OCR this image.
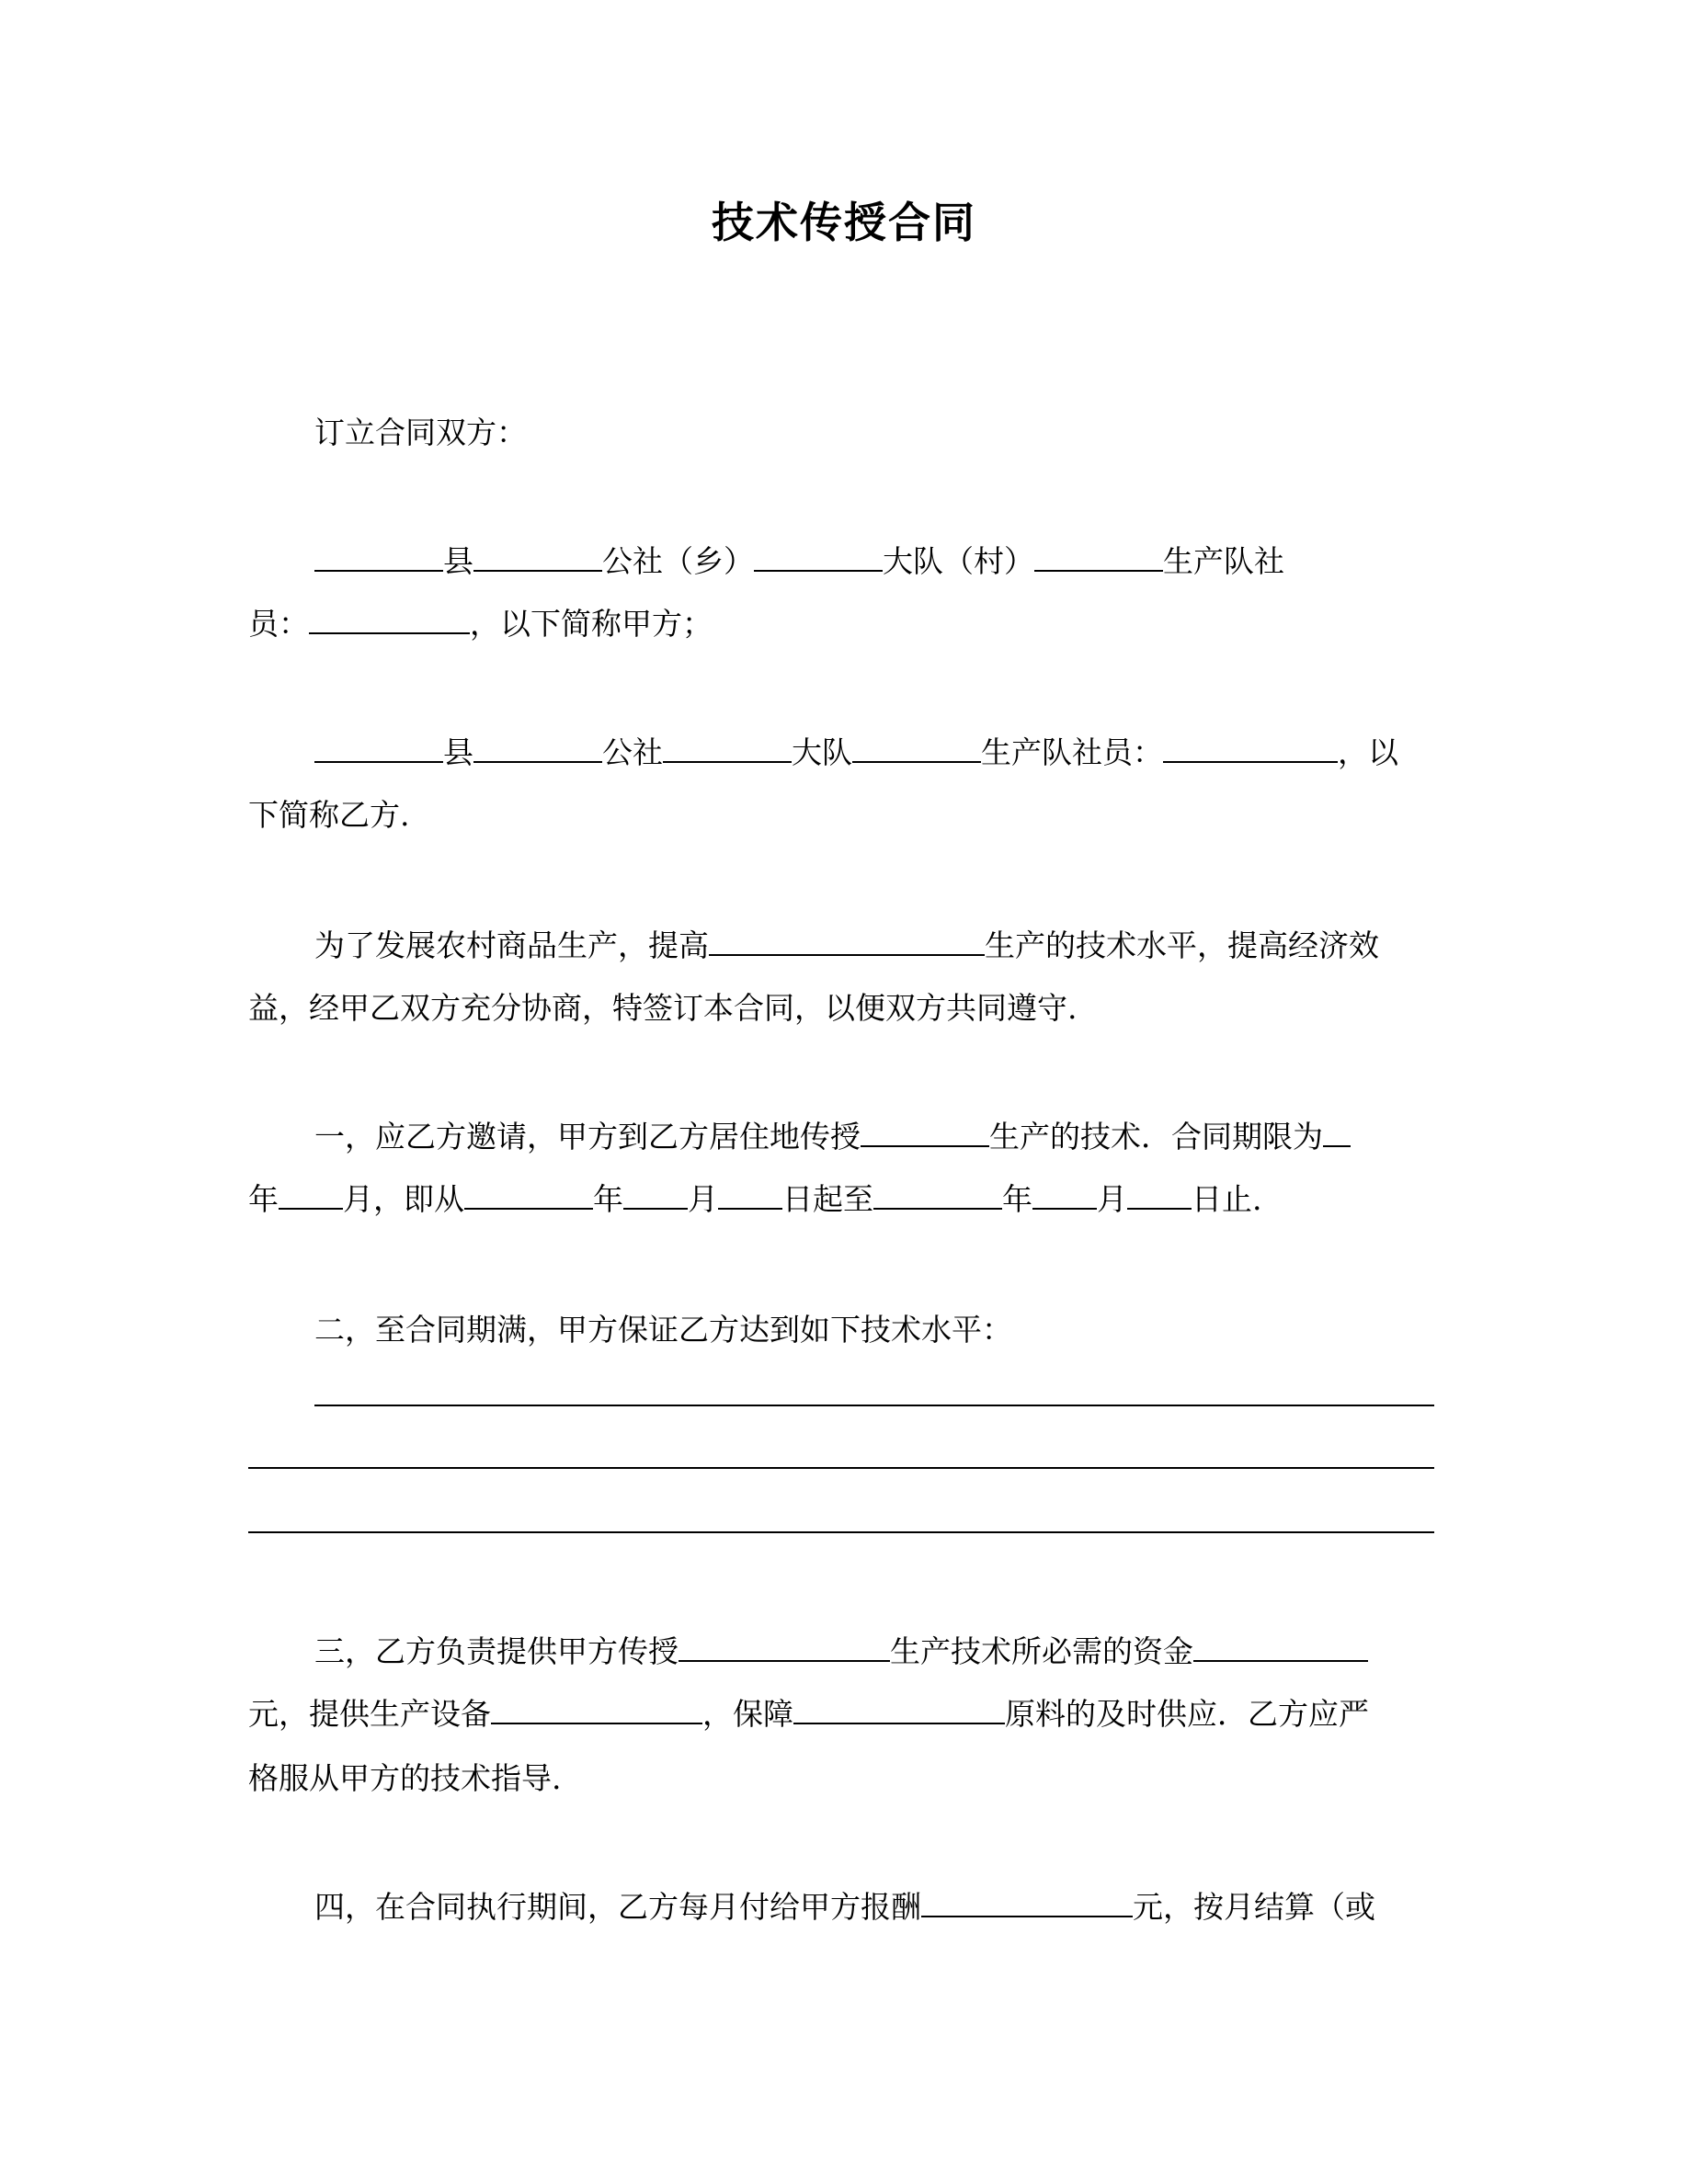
技术传授合同
订立合同双方：
县	公社（乡）	大队（村）	生产队社
员：	，以下简称甲方；
县	公社	大队	生产队社员：	，以
下简称乙方.
为了发展农村商品生产，提高	生产的技术水平，提高经济效
益，经甲乙双方充分协商，特签订本合同，以便双方共同遵守.
一，应乙方邀请，甲方到乙方居住地传授	生产的技术．合同期限为
年 月，即从	年 月 日起至	年 月 日止.
二，至合同期满，甲方保证乙方达到如下技术水平：
三，乙方负责提供甲方传授	生产技术所必需的资金
元，提供生产设备	，保障	原料的及时供应．乙方应严
格服从甲方的技术指导.
四，在合同执行期间，乙方每月付给甲方报酬	元，按月结算（或
